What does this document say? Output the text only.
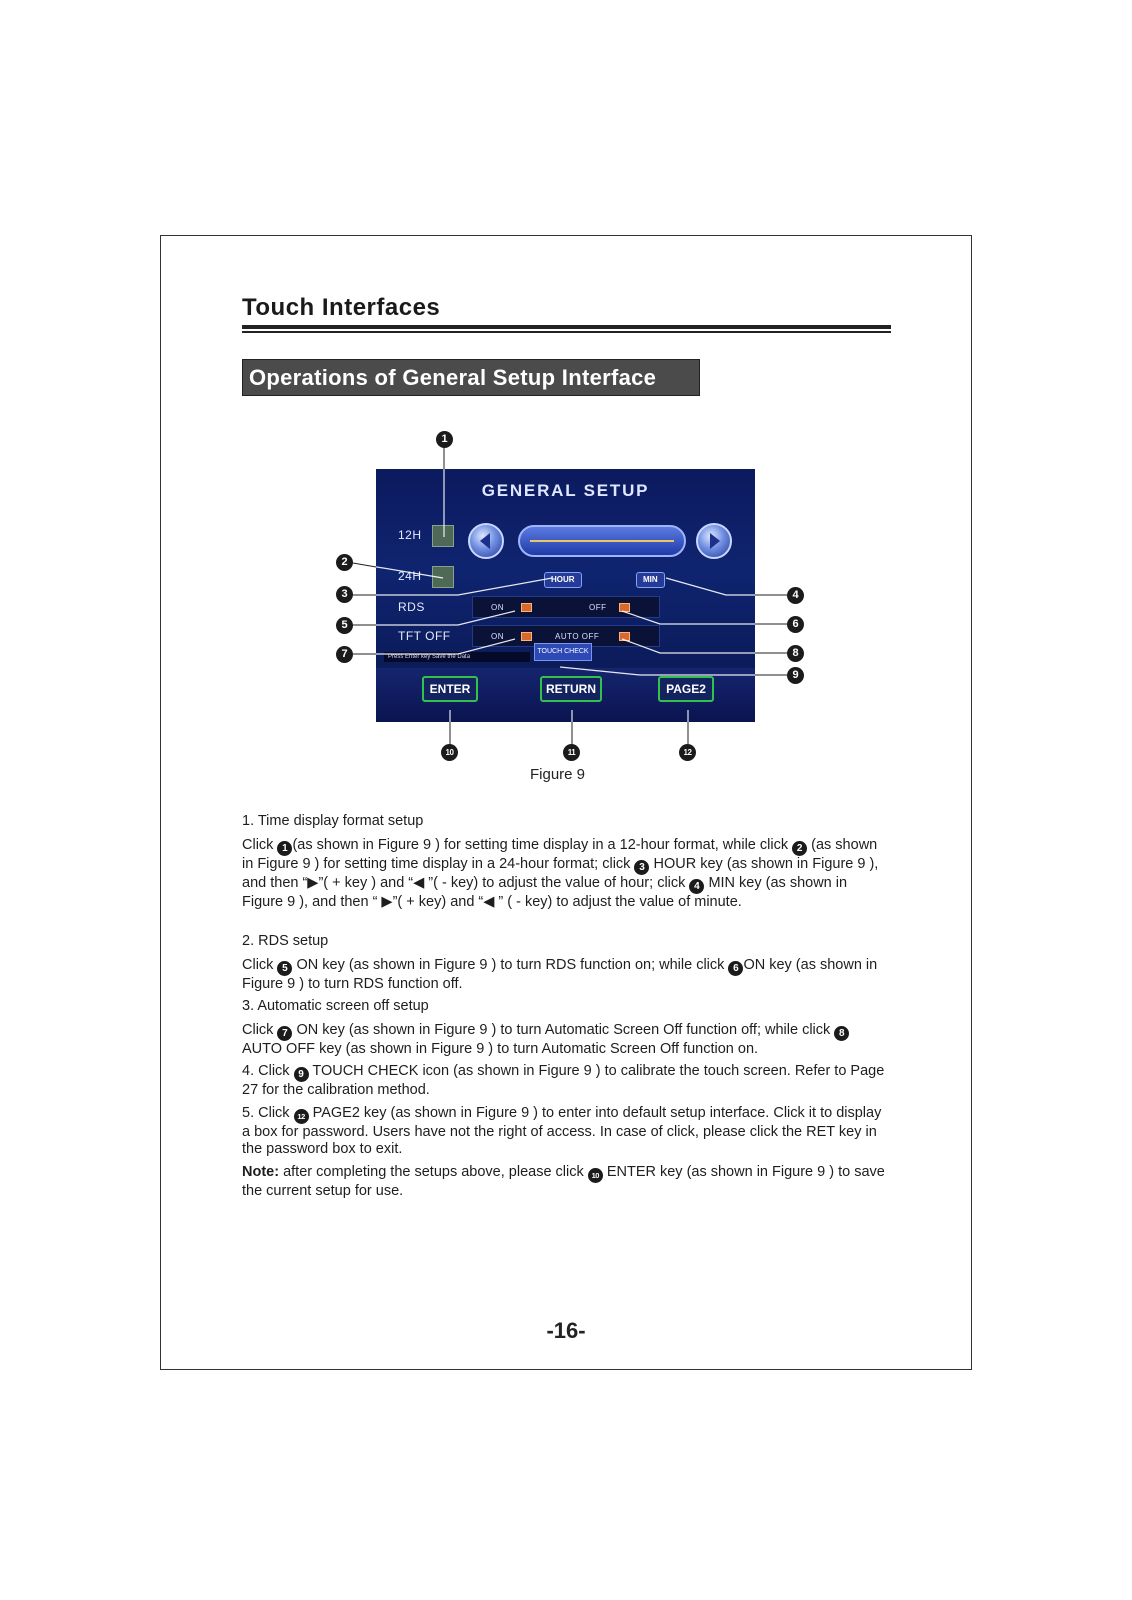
Touch Interfaces
Operations of General Setup Interface
GENERAL SETUP
12H
24H	HOUR	MIN
RDS	ON	OFF
TFT OFF	ON	AUTO OFF
TOUCH CHECK
Press Enter key Save the Data
ENTER	RETURN	PAGE2
1
2
3	4
5	6
7	8
9
10	11	12
Figure 9
1. Time display format setup
Click 1 (as shown in Figure 9 ) for setting time display in a 12-hour format, while click 2 (as shown in Figure 9 ) for setting time display in a 24-hour format; click 3 HOUR key (as shown in Figure 9 ), and then “▶”( + key ) and “◀ ”( - key) to adjust the value of hour; click 4 MIN key (as shown in Figure 9 ), and then “ ▶”( + key) and “◀ ” ( - key) to adjust the value of minute.
2. RDS setup
Click 5 ON key (as shown in Figure 9 ) to turn RDS function on; while click 6 ON key (as shown in Figure 9 ) to turn RDS function off.
3. Automatic screen off setup
Click 7 ON key (as shown in Figure 9 ) to turn Automatic Screen Off function off; while click 8 AUTO OFF key (as shown in Figure 9 ) to turn Automatic Screen Off function on.
4. Click 9 TOUCH CHECK icon (as shown in Figure 9 ) to calibrate the touch screen. Refer to Page 27 for the calibration method.
5. Click 12 PAGE2 key (as shown in Figure 9 ) to enter into default setup interface. Click it to display a box for password. Users have not the right of access. In case of click, please click the RET key in the password box to exit.
Note: after completing the setups above, please click 10 ENTER key (as shown in Figure 9 ) to save the current setup for use.
-16-
